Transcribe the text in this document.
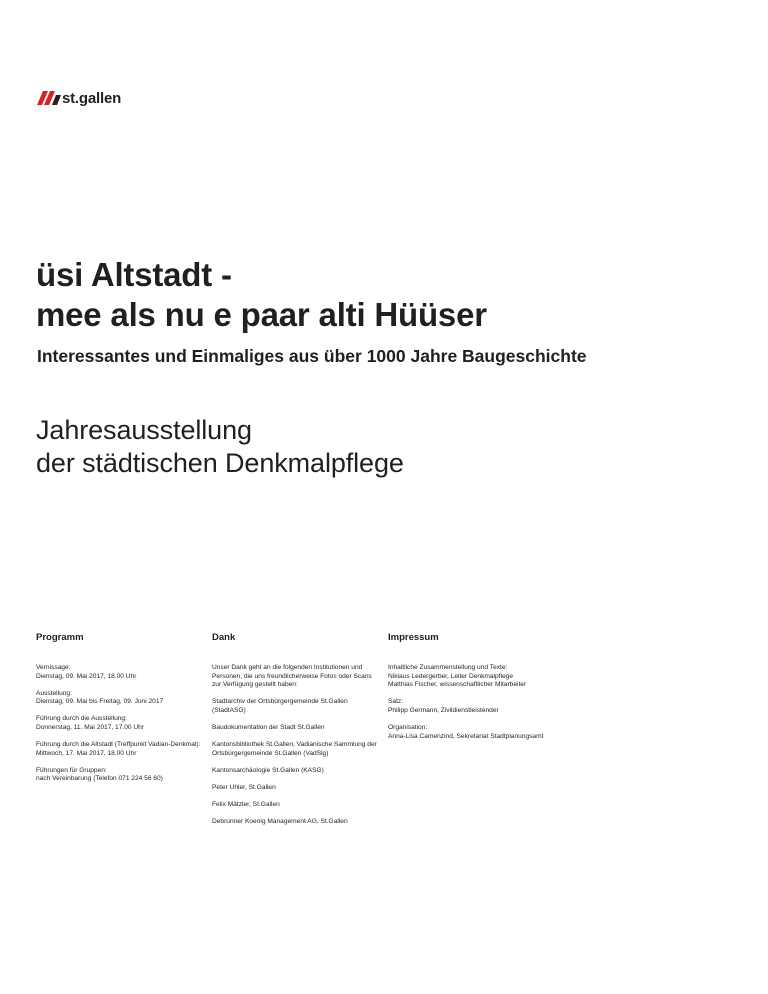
st.gallen
üsi Altstadt -
mee als nu e paar alti Hüüser
Interessantes und Einmaliges aus über 1000 Jahre Baugeschichte
Jahresausstellung
der städtischen Denkmalpflege
Programm
Vernissage:
Dienstag, 09. Mai 2017, 18.00 Uhr
Ausstellung:
Dienstag, 09. Mai bis Freitag, 09. Juni 2017
Führung durch die Ausstellung:
Donnerstag, 11. Mai 2017, 17.00 Uhr
Führung durch die Altstadt (Treffpunkt Vadian-Denkmal):
Mittwoch, 17. Mai 2017, 18.00 Uhr
Führungen für Gruppen:
nach Vereinbarung (Telefon 071 224 56 60)
Dank
Unser Dank geht an die folgenden Institutionen und
Personen, die uns freundlicherweise Fotos oder Scans
zur Verfügung gestellt haben:
Stadtarchiv der Ortsbürgergemeinde St.Gallen
(StadtASG)
Baudokumentation der Stadt St.Gallen
Kantonsbibliothek St.Gallen, Vadianische Sammlung der
Ortsbürgergemeinde St.Gallen (VadSlg)
Kantonsarchäologie St.Gallen (KASG)
Peter Uhler, St.Gallen
Felix Mätzler, St.Gallen
Debrunner Koenig Management AG, St.Gallen
Impressum
Inhaltliche Zusammenstellung und Texte:
Niklaus Ledergerber, Leiter Denkmalpflege
Matthias Fischer, wissenschaftlicher Mitarbeiter
Satz:
Philipp Germann, Zivildienstleistender
Organisation:
Anna-Lisa Camenzind, Sekretariat Stadtplanungsamt
